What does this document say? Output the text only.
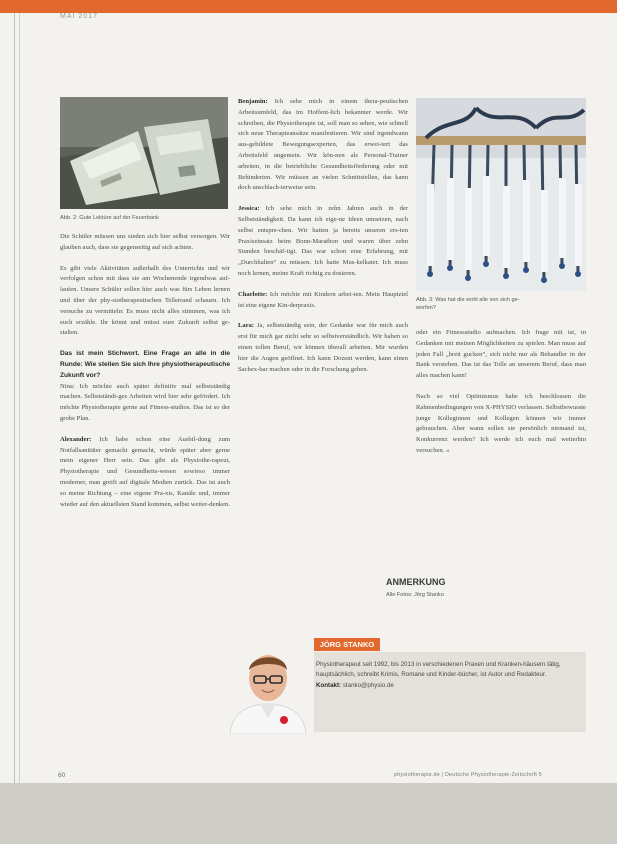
MAI 2017
Abb. 2: Gute Lektüre auf der Feuerbank
Abb. 3: Was hat die wohl alle von sich ge-
worfen?

Die Schüler müssen uns sieden sich hier selbst versorgen. Wir glauben auch, dass sie gegenseitig auf sich achten.

Es gibt viele Aktivitäten außerhalb des Unterrichts und wir verfolgen schon mit dass sie am Wochenende irgendwas auf-laufen. Unsere Schüler sollen hier auch was fürs Leben lernen und über der phy-siotherapeutischen Tellerrand schauen. Ich versuche zu vermitteln: Es muss nicht alles stimmen, was ich euch erzähle. Ihr könnt und müsst eure Zukunft selbst ge-stalten.

Das ist mein Stichwort. Eine Frage an alle in die Runde: Wie stellen Sie sich Ihre physiotherapeutische Zukunft vor?

Nina: Ich möchte auch später definitiv mal selbstständig machen. Selbstständi-ges Arbeiten wird hier sehr gefördert. Ich möchte Physiotherapie gerne auf Fitness-studios. Das ist so der grobe Plan.

Alexander: Ich habe schon eine Ausbil-dung zum Notfallsanitäter gemacht gemacht, würde später aber gerne mein eigener Herr sein. Das gibt als Physiothe-rapeut, Physiotherapie und Gesundheits-wesen sowieso immer moderner, man greift auf digitale Medien zurück. Das ist auch so meine Richtung – eine eigene Pra-xis, Kanäle und, immer wieder auf den aktuellsten Stand kommen, selbst weiter-denken.

Benjamin: Ich sehe mich in einem thera-peutischen Arbeitsumfeld, das im Hoffent-lich bekannter werde. Wir schreiben, die Physiotherapie ist, soll man so sehen, wie schnell sich neue Therapieansätze manifestieren. Wir sind irgendwann aus-gebildete Bewegungsexperten, das erwei-tert das Arbeitsfeld ungemein. Wir kön-nen als Personal-Trainer arbeiten, in die betriebliche Gesundheitsförderung oder mit Behinderten. Wir müssen an vielen Schnittstellen, das kann doch unschlach-terweise sein.

Jessica: Ich sehe mich in zehn Jahren auch in der Selbstständigkeit. Da kann ich eige-ne Ideen umsetzen, nach selbst entspre-chen. Wir hatten ja bereits unseren ers-ten Praxiseinsatz beim Bonn-Marathon und waren über zehn Stunden beschäf-tigt. Das war schon eine Erfahrung, mit „Durchhalten“ zu müssen. Ich hatte Mus-kelkater. Ich muss noch lernen, meine Kraft richtig zu dosieren.

Charlotte: Ich möchte mit Kindern arbei-ten. Mein Hauptziel ist eine eigene Kin-derpraxis.

Lara: Ja, selbstständig sein, der Gedanke war für mich auch erst für mich gar nicht sehr so selbstverständlich. Wir haben so einen tollen Beruf, wir können überall arbeiten. Mir wurden hier die Augen geöffnet. Ich kann Dozent werden, kann einen Sachex-bar machen oder in die Forschung gehen.

oder ein Fitnessstudio aufmachen. Ich frage mit ist, in Gedanken mit meinen Möglichkeiten zu spielen. Man muss auf jeden Fall „breit gucken“, sich nicht nur als Behandler in der Bank verstehen. Das ist das Tolle an unserem Beruf, dass man alles machen kann!

Nach so viel Optimismus habe ich beschlossen die Rahmenbedingungen von X-PHYSIO verlassen. Selbstbewusste junge Kolleginnen und Kollegen können wir immer gebrauchen. Aber wann sollen sie persönlich niemand ist, Konkurrenz werden? Ich werde ich euch mal weiterhin versuchen. «

ANMERKUNG
Alle Fotos: Jörg Stanko
JÖRG STANKO
Physiotherapeut seit 1992, bis 2013 in verschiedenen Praxen und Kranken-häusern tätig, hauptsächlich, schreibt Krimis, Romane und Kinder-bücher, ist Autor und Redakteur.
Kontakt: stanko@physio.de
60	physiotherapie.de | Deutsche Physiotherapie-Zeitschrift 5
